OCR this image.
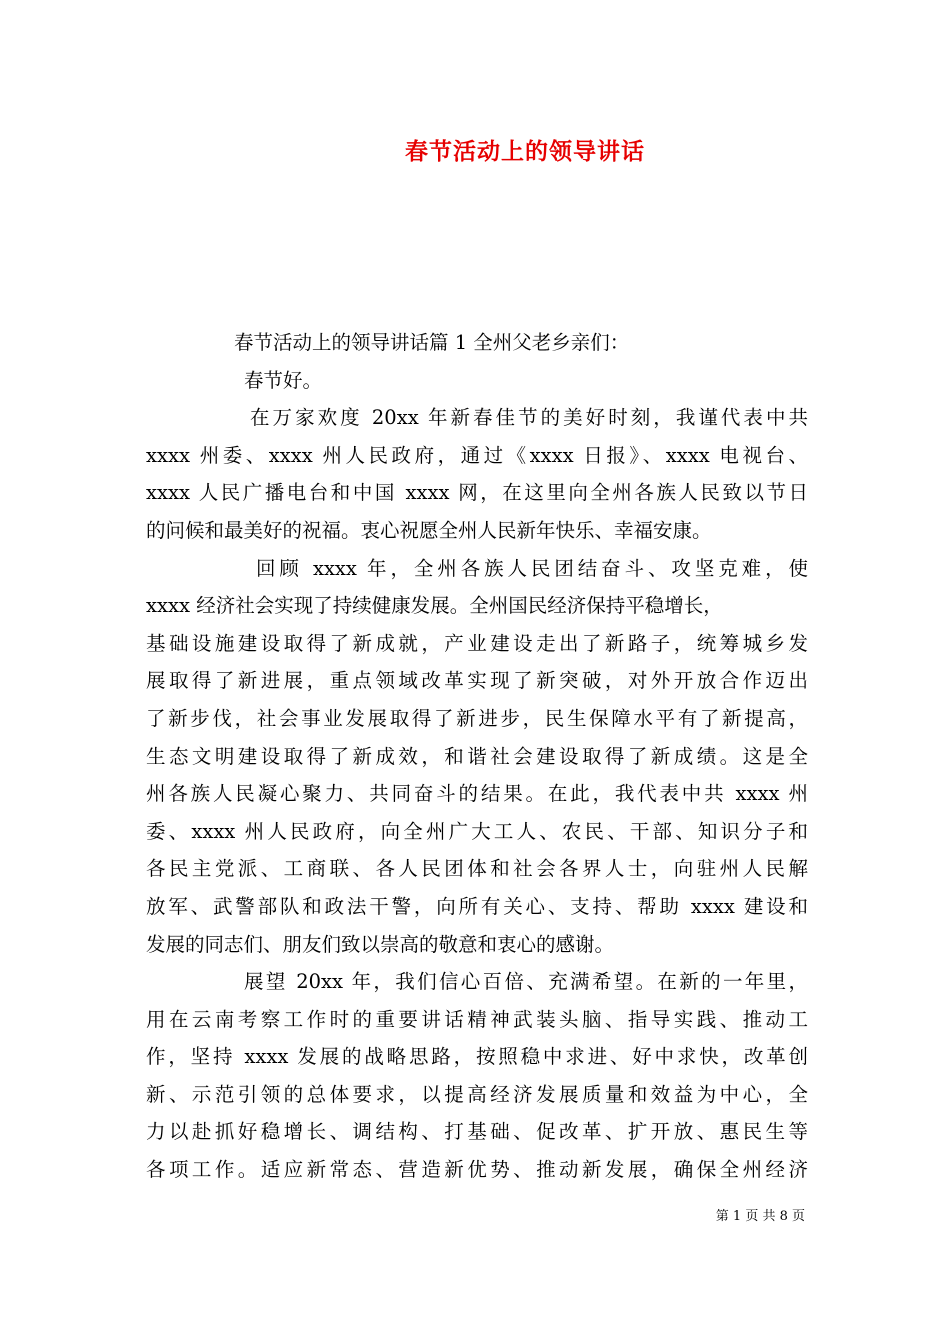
春节活动上的领导讲话
春节活动上的领导讲话篇 1 全州父老乡亲们：
春节好。
在万家欢度 20xx 年新春佳节的美好时刻，我谨代表中共
xxxx 州委、xxxx 州人民政府，通过《xxxx 日报》、xxxx 电视台、
xxxx 人民广播电台和中国 xxxx 网，在这里向全州各族人民致以节日
的问候和最美好的祝福。衷心祝愿全州人民新年快乐、幸福安康。
回顾 xxxx 年，全州各族人民团结奋斗、攻坚克难，使
xxxx 经济社会实现了持续健康发展。全州国民经济保持平稳增长，
基础设施建设取得了新成就，产业建设走出了新路子，统筹城乡发
展取得了新进展，重点领域改革实现了新突破，对外开放合作迈出
了新步伐，社会事业发展取得了新进步，民生保障水平有了新提高，
生态文明建设取得了新成效，和谐社会建设取得了新成绩。这是全
州各族人民凝心聚力、共同奋斗的结果。在此，我代表中共 xxxx 州
委、xxxx 州人民政府，向全州广大工人、农民、干部、知识分子和
各民主党派、工商联、各人民团体和社会各界人士，向驻州人民解
放军、武警部队和政法干警，向所有关心、支持、帮助 xxxx 建设和
发展的同志们、朋友们致以崇高的敬意和衷心的感谢。
展望 20xx 年，我们信心百倍、充满希望。在新的一年里，
用在云南考察工作时的重要讲话精神武装头脑、指导实践、推动工
作，坚持 xxxx 发展的战略思路，按照稳中求进、好中求快，改革创
新、示范引领的总体要求，以提高经济发展质量和效益为中心，全
力以赴抓好稳增长、调结构、打基础、促改革、扩开放、惠民生等
各项工作。适应新常态、营造新优势、推动新发展，确保全州经济
第 1 页 共 8 页
